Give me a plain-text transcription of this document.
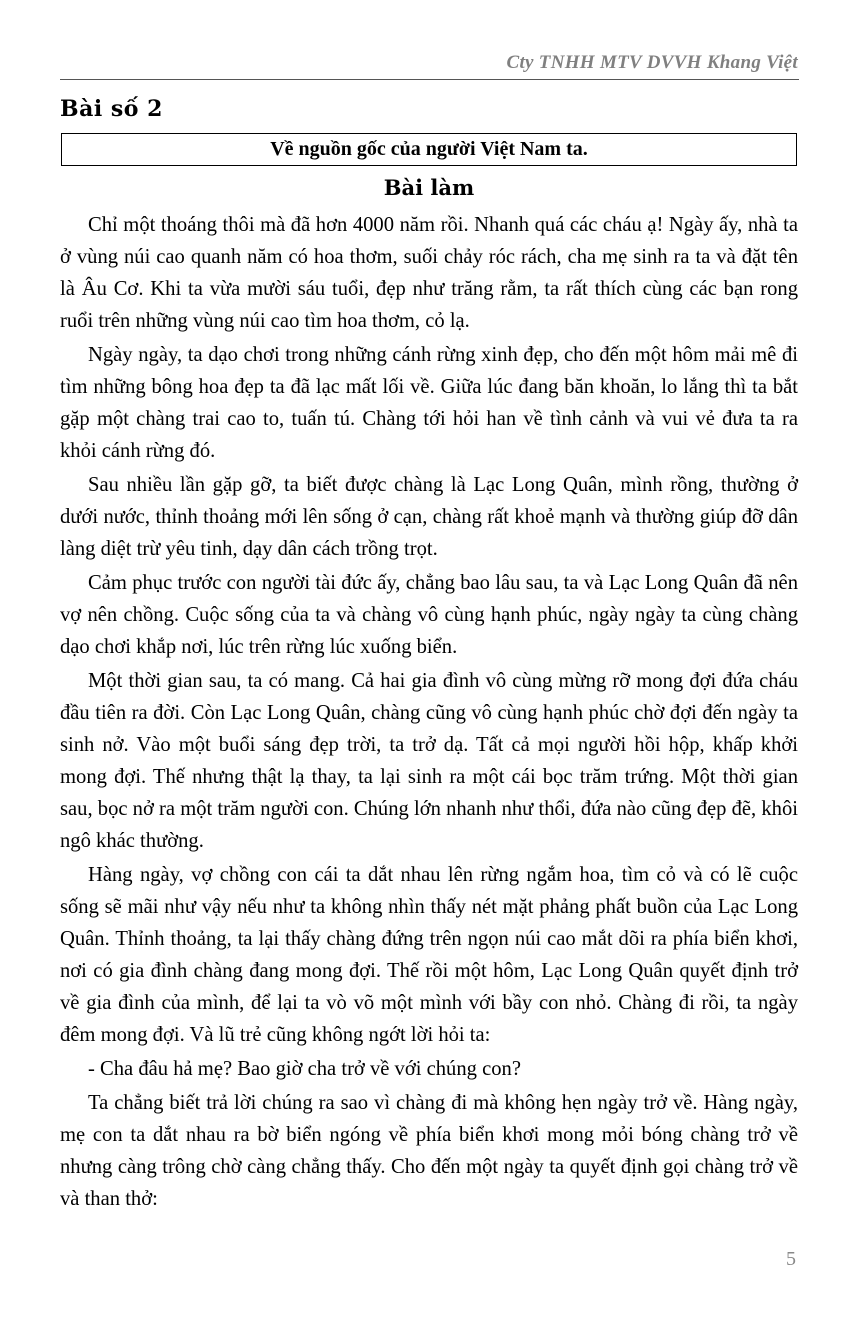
Cty TNHH MTV DVVH Khang Việt
Bài số 2
Về nguồn gốc của người Việt Nam ta.
Bài làm

Chỉ một thoáng thôi mà đã hơn 4000 năm rồi. Nhanh quá các cháu ạ! Ngày ấy, nhà ta ở vùng núi cao quanh năm có hoa thơm, suối chảy róc rách, cha mẹ sinh ra ta và đặt tên là Âu Cơ. Khi ta vừa mười sáu tuổi, đẹp như trăng rằm, ta rất thích cùng các bạn rong ruổi trên những vùng núi cao tìm hoa thơm, cỏ lạ.

Ngày ngày, ta dạo chơi trong những cánh rừng xinh đẹp, cho đến một hôm mải mê đi tìm những bông hoa đẹp ta đã lạc mất lối về. Giữa lúc đang băn khoăn, lo lắng thì ta bắt gặp một chàng trai cao to, tuấn tú. Chàng tới hỏi han về tình cảnh và vui vẻ đưa ta ra khỏi cánh rừng đó.

Sau nhiều lần gặp gỡ, ta biết được chàng là Lạc Long Quân, mình rồng, thường ở dưới nước, thỉnh thoảng mới lên sống ở cạn, chàng rất khoẻ mạnh và thường giúp đỡ dân làng diệt trừ yêu tinh, dạy dân cách trồng trọt.

Cảm phục trước con người tài đức ấy, chẳng bao lâu sau, ta và Lạc Long Quân đã nên vợ nên chồng. Cuộc sống của ta và chàng vô cùng hạnh phúc, ngày ngày ta cùng chàng dạo chơi khắp nơi, lúc trên rừng lúc xuống biển.

Một thời gian sau, ta có mang. Cả hai gia đình vô cùng mừng rỡ mong đợi đứa cháu đầu tiên ra đời. Còn Lạc Long Quân, chàng cũng vô cùng hạnh phúc chờ đợi đến ngày ta sinh nở. Vào một buổi sáng đẹp trời, ta trở dạ. Tất cả mọi người hồi hộp, khấp khởi mong đợi. Thế nhưng thật lạ thay, ta lại sinh ra một cái bọc trăm trứng. Một thời gian sau, bọc nở ra một trăm người con. Chúng lớn nhanh như thổi, đứa nào cũng đẹp đẽ, khôi ngô khác thường.

Hàng ngày, vợ chồng con cái ta dắt nhau lên rừng ngắm hoa, tìm cỏ và có lẽ cuộc sống sẽ mãi như vậy nếu như ta không nhìn thấy nét mặt phảng phất buồn của Lạc Long Quân. Thỉnh thoảng, ta lại thấy chàng đứng trên ngọn núi cao mắt dõi ra phía biển khơi, nơi có gia đình chàng đang mong đợi. Thế rồi một hôm, Lạc Long Quân quyết định trở về gia đình của mình, để lại ta vò võ một mình với bầy con nhỏ. Chàng đi rồi, ta ngày đêm mong đợi. Và lũ trẻ cũng không ngớt lời hỏi ta:

- Cha đâu hả mẹ? Bao giờ cha trở về với chúng con?

Ta chẳng biết trả lời chúng ra sao vì chàng đi mà không hẹn ngày trở về. Hàng ngày, mẹ con ta dắt nhau ra bờ biển ngóng về phía biển khơi mong mỏi bóng chàng trở về nhưng càng trông chờ càng chẳng thấy. Cho đến một ngày ta quyết định gọi chàng trở về và than thở:

5
